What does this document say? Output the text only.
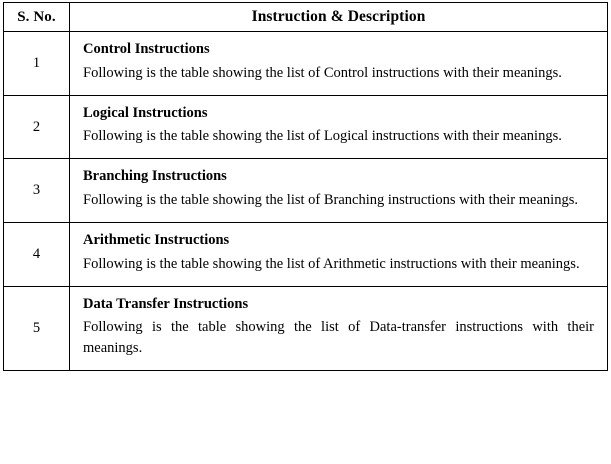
S. No.	Instruction & Description
1	Control Instructions
Following is the table showing the list of Control instructions with their meanings.

2	Logical Instructions
Following is the table showing the list of Logical instructions with their meanings.

3	Branching Instructions
Following is the table showing the list of Branching instructions with their meanings.

4	Arithmetic Instructions
Following is the table showing the list of Arithmetic instructions with their meanings.

5	Data Transfer Instructions
Following is the table showing the list of Data-transfer instructions with their meanings.
